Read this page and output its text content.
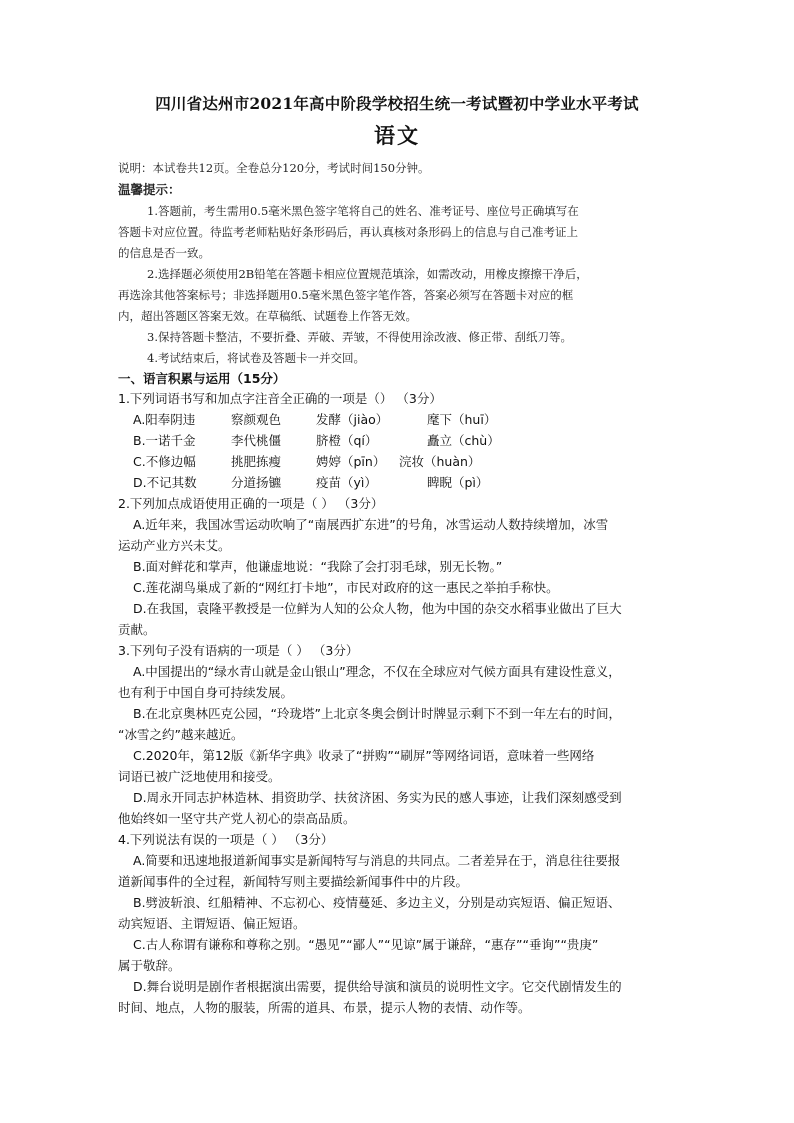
四川省达州市2021年高中阶段学校招生统一考试暨初中学业水平考试
语文
说明：本试卷共12页。全卷总分120分，考试时间150分钟。
温馨提示：
1.答题前，考生需用0.5毫米黑色签字笔将自己的姓名、准考证号、座位号正确填写在
答题卡对应位置。待监考老师粘贴好条形码后，再认真核对条形码上的信息与自己准考证上
的信息是否一致。
2.选择题必须使用2B铅笔在答题卡相应位置规范填涂，如需改动，用橡皮擦擦干净后，
再选涂其他答案标号；非选择题用0.5毫米黑色签字笔作答，答案必须写在答题卡对应的框
内，超出答题区答案无效。在草稿纸、试题卷上作答无效。
3.保持答题卡整洁，不要折叠、弄破、弄皱，不得使用涂改液、修正带、刮纸刀等。
4.考试结束后，将试卷及答题卡一并交回。
一、语言积累与运用（15分）
1.下列词语书写和加点字注音全正确的一项是（） （3分）
A.阳奉阴违	察颜观色	发酵（jiào）	麾下（huī）
B.一诺千金	李代桃僵	脐橙（qí）	矗立（chù）
C.不修边幅	挑肥拣瘦	娉婷（pīn） 浣妆（huàn）
D.不记其数	分道扬镳	疫苗（yì）	睥睨（pì）
2.下列加点成语使用正确的一项是（ ） （3分）
A.近年来，我国冰雪运动吹响了“南展西扩东进”的号角，冰雪运动人数持续增加，冰雪
运动产业方兴未艾。
B.面对鲜花和掌声，他谦虚地说：“我除了会打羽毛球，别无长物。”
C.莲花湖鸟巢成了新的“网红打卡地”，市民对政府的这一惠民之举拍手称快。
D.在我国，袁隆平教授是一位鲜为人知的公众人物，他为中国的杂交水稻事业做出了巨大
贡献。
3.下列句子没有语病的一项是（ ） （3分）
A.中国提出的“绿水青山就是金山银山”理念，不仅在全球应对气候方面具有建设性意义，
也有利于中国自身可持续发展。
B.在北京奥林匹克公园，“玲珑塔”上北京冬奥会倒计时牌显示剩下不到一年左右的时间，
“冰雪之约”越来越近。
C.2020年，第12版《新华字典》收录了“拼购”“刷屏”等网络词语，意味着一些网络
词语已被广泛地使用和接受。
D.周永开同志护林造林、捐资助学、扶贫济困、务实为民的感人事迹，让我们深刻感受到
他始终如一坚守共产党人初心的崇高品质。
4.下列说法有误的一项是（ ） （3分）
A.简要和迅速地报道新闻事实是新闻特写与消息的共同点。二者差异在于，消息往往要报
道新闻事件的全过程，新闻特写则主要描绘新闻事件中的片段。
B.劈波斩浪、红船精神、不忘初心、疫情蔓延、多边主义，分别是动宾短语、偏正短语、
动宾短语、主谓短语、偏正短语。
C.古人称谓有谦称和尊称之别。“愚见”“鄙人”“见谅”属于谦辞，“惠存”“垂询”“贵庚”
属于敬辞。
D.舞台说明是剧作者根据演出需要，提供给导演和演员的说明性文字。它交代剧情发生的
时间、地点，人物的服装，所需的道具、布景，提示人物的表情、动作等。
